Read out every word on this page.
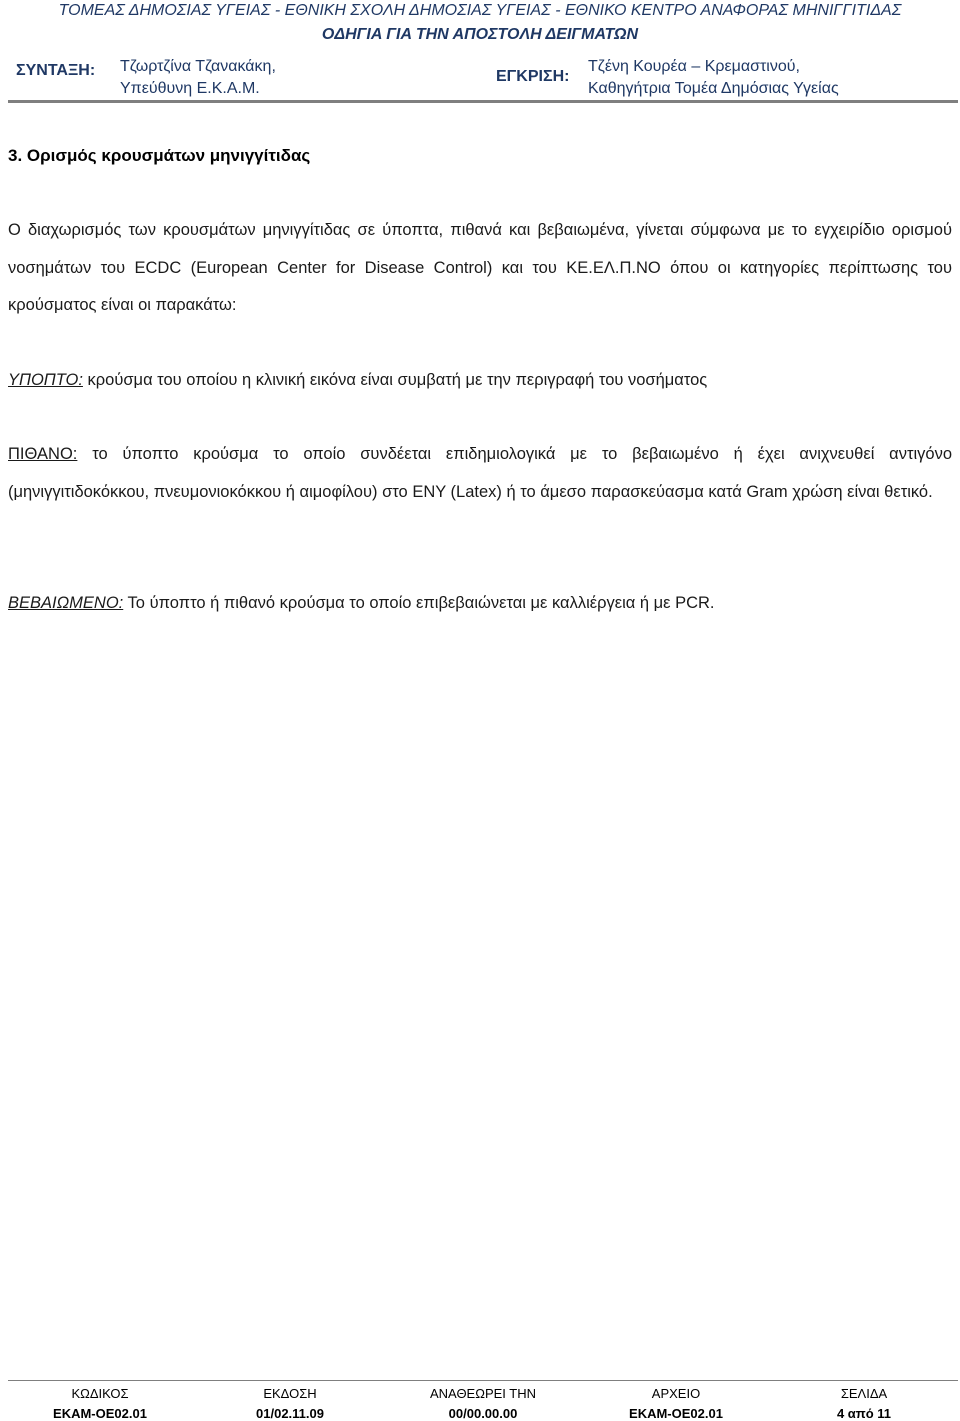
ΤΟΜΕΑΣ ΔΗΜΟΣΙΑΣ ΥΓΕΙΑΣ - ΕΘΝΙΚΗ ΣΧΟΛΗ ΔΗΜΟΣΙΑΣ ΥΓΕΙΑΣ - ΕΘΝΙΚΟ ΚΕΝΤΡΟ ΑΝΑΦΟΡΑΣ ΜΗΝΙΓΓΙΤΙΔΑΣ
ΟΔΗΓΙΑ ΓΙΑ ΤΗΝ ΑΠΟΣΤΟΛΗ ΔΕΙΓΜΑΤΩΝ
ΣΥΝΤΑΞΗ: Τζωρτζίνα Τζανακάκη,
Υπεύθυνη Ε.Κ.Α.Μ.
ΕΓΚΡΙΣΗ:
Τζένη Κουρέα – Κρεμαστινού,
Καθηγήτρια Τομέα Δημόσιας Υγείας
3. Ορισμός κρουσμάτων μηνιγγίτιδας
Ο διαχωρισμός των κρουσμάτων μηνιγγίτιδας σε ύποπτα, πιθανά και βεβαιωμένα, γίνεται σύμφωνα με το εγχειρίδιο ορισμού νοσημάτων του ECDC (European Center for Disease Control) και του ΚΕ.ΕΛ.Π.ΝΟ όπου οι κατηγορίες περίπτωσης του κρούσματος είναι οι παρακάτω:
ΥΠΟΠΤΟ: κρούσμα του οποίου η κλινική εικόνα είναι συμβατή με την περιγραφή του νοσήματος
ΠΙΘΑΝΟ: το ύποπτο κρούσμα το οποίο συνδέεται επιδημιολογικά με το βεβαιωμένο ή έχει ανιχνευθεί αντιγόνο (μηνιγγιτιδοκόκκου, πνευμονιοκόκκου ή αιμοφίλου) στο ΕΝΥ (Latex) ή το άμεσο παρασκεύασμα κατά Gram χρώση είναι θετικό.
ΒΕΒΑΙΩΜΕΝΟ: Το ύποπτο ή πιθανό κρούσμα το οποίο επιβεβαιώνεται με καλλιέργεια ή με PCR.
ΚΩΔΙΚΟΣ
ΕΚΑΜ-ΟΕ02.01
ΕΚΔΟΣΗ
01/02.11.09
ΑΝΑΘΕΩΡΕΙ ΤΗΝ
00/00.00.00
ΑΡΧΕΙΟ
ΕΚΑΜ-ΟΕ02.01
ΣΕΛΙΔΑ
4 από 11
